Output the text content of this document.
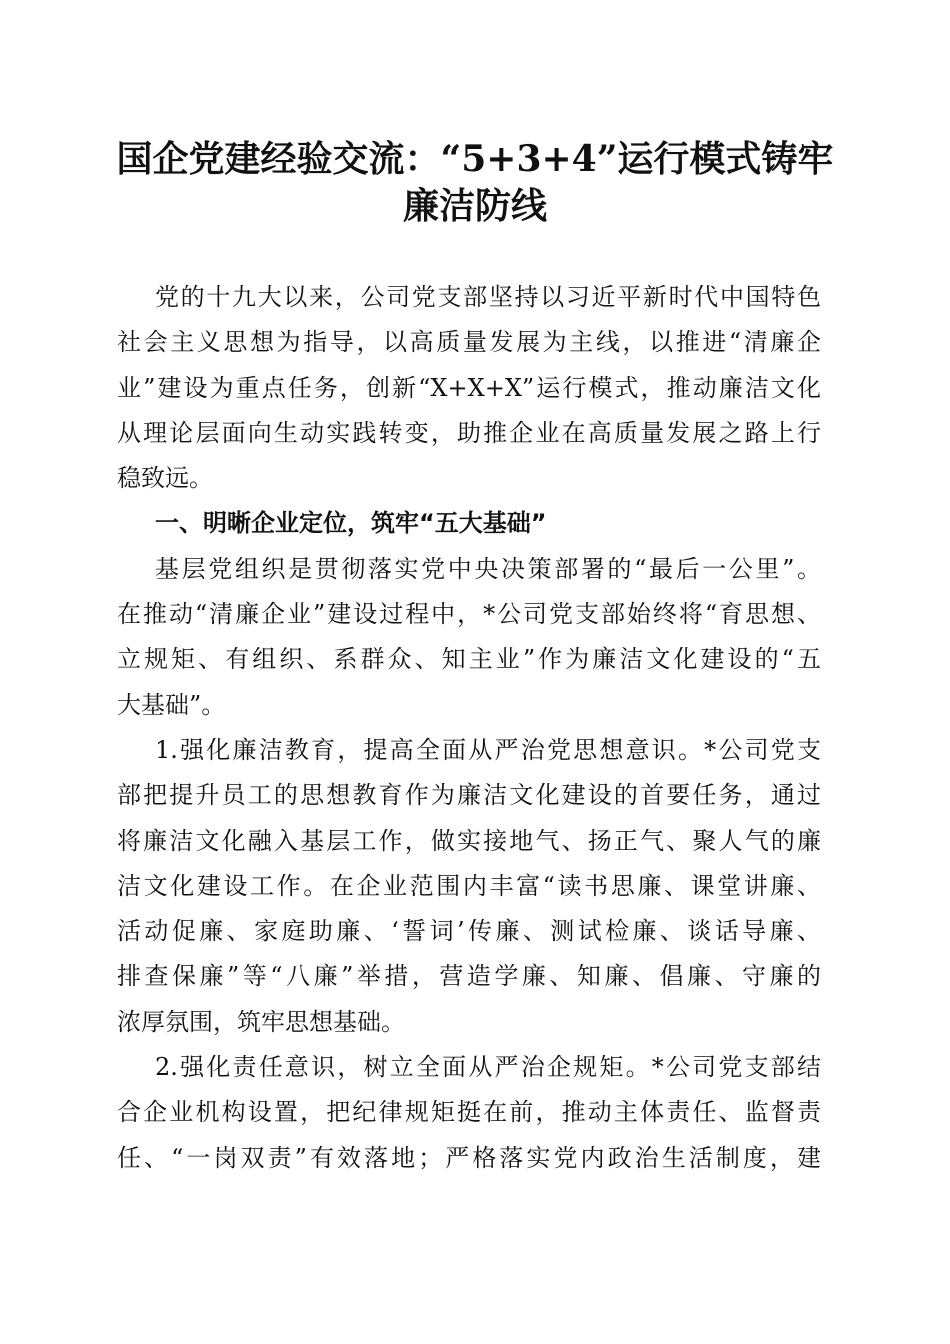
国企党建经验交流：“5+3+4”运行模式铸牢
廉洁防线
党的十九大以来，公司党支部坚持以习近平新时代中国特色
社会主义思想为指导，以高质量发展为主线，以推进“清廉企
业”建设为重点任务，创新“X+X+X”运行模式，推动廉洁文化
从理论层面向生动实践转变，助推企业在高质量发展之路上行
稳致远。
一、明晰企业定位，筑牢“五大基础”
基层党组织是贯彻落实党中央决策部署的“最后一公里”。
在推动“清廉企业”建设过程中，*公司党支部始终将“育思想、
立规矩、有组织、系群众、知主业”作为廉洁文化建设的“五
大基础”。
1.强化廉洁教育，提高全面从严治党思想意识。*公司党支
部把提升员工的思想教育作为廉洁文化建设的首要任务，通过
将廉洁文化融入基层工作，做实接地气、扬正气、聚人气的廉
洁文化建设工作。在企业范围内丰富“读书思廉、课堂讲廉、
活动促廉、家庭助廉、‘誓词’传廉、测试检廉、谈话导廉、
排查保廉”等“八廉”举措，营造学廉、知廉、倡廉、守廉的
浓厚氛围，筑牢思想基础。
2.强化责任意识，树立全面从严治企规矩。*公司党支部结
合企业机构设置，把纪律规矩挺在前，推动主体责任、监督责
任、“一岗双责”有效落地；严格落实党内政治生活制度，建
